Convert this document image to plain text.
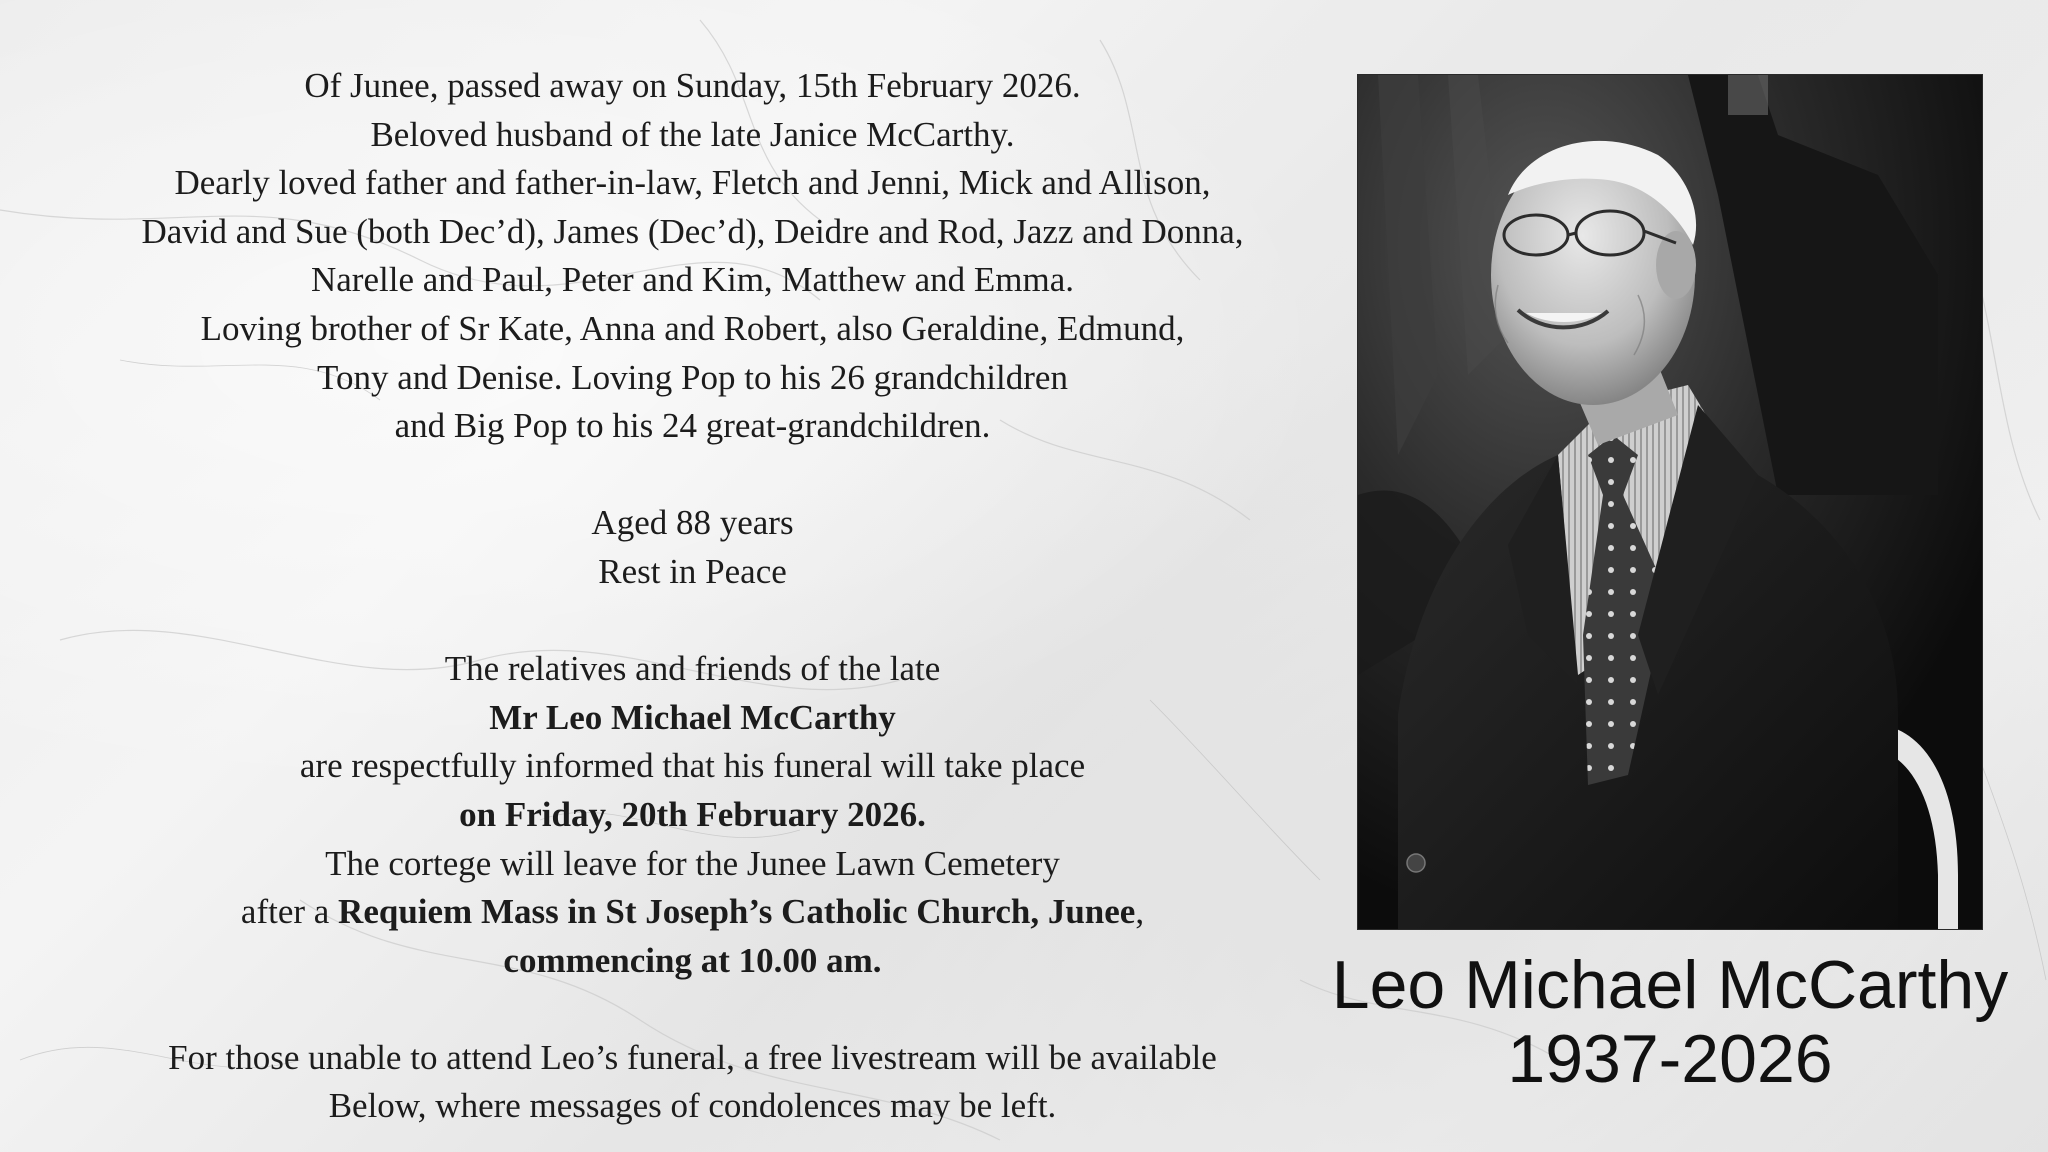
Of Junee, passed away on Sunday, 15th February 2026.
Beloved husband of the late Janice McCarthy.
Dearly loved father and father-in-law, Fletch and Jenni, Mick and Allison,
David and Sue (both Dec’d), James (Dec’d), Deidre and Rod, Jazz and Donna,
Narelle and Paul, Peter and Kim, Matthew and Emma.
Loving brother of Sr Kate, Anna and Robert, also Geraldine, Edmund,
Tony and Denise. Loving Pop to his 26 grandchildren
and Big Pop to his 24 great-grandchildren.
Aged 88 years
Rest in Peace
The relatives and friends of the late
Mr Leo Michael McCarthy
are respectfully informed that his funeral will take place
on Friday, 20th February 2026.
The cortege will leave for the Junee Lawn Cemetery
after a Requiem Mass in St Joseph’s Catholic Church, Junee,
commencing at 10.00 am.
For those unable to attend Leo’s funeral, a free livestream will be available
Below, where messages of condolences may be left.
Leo Michael McCarthy
1937-2026
